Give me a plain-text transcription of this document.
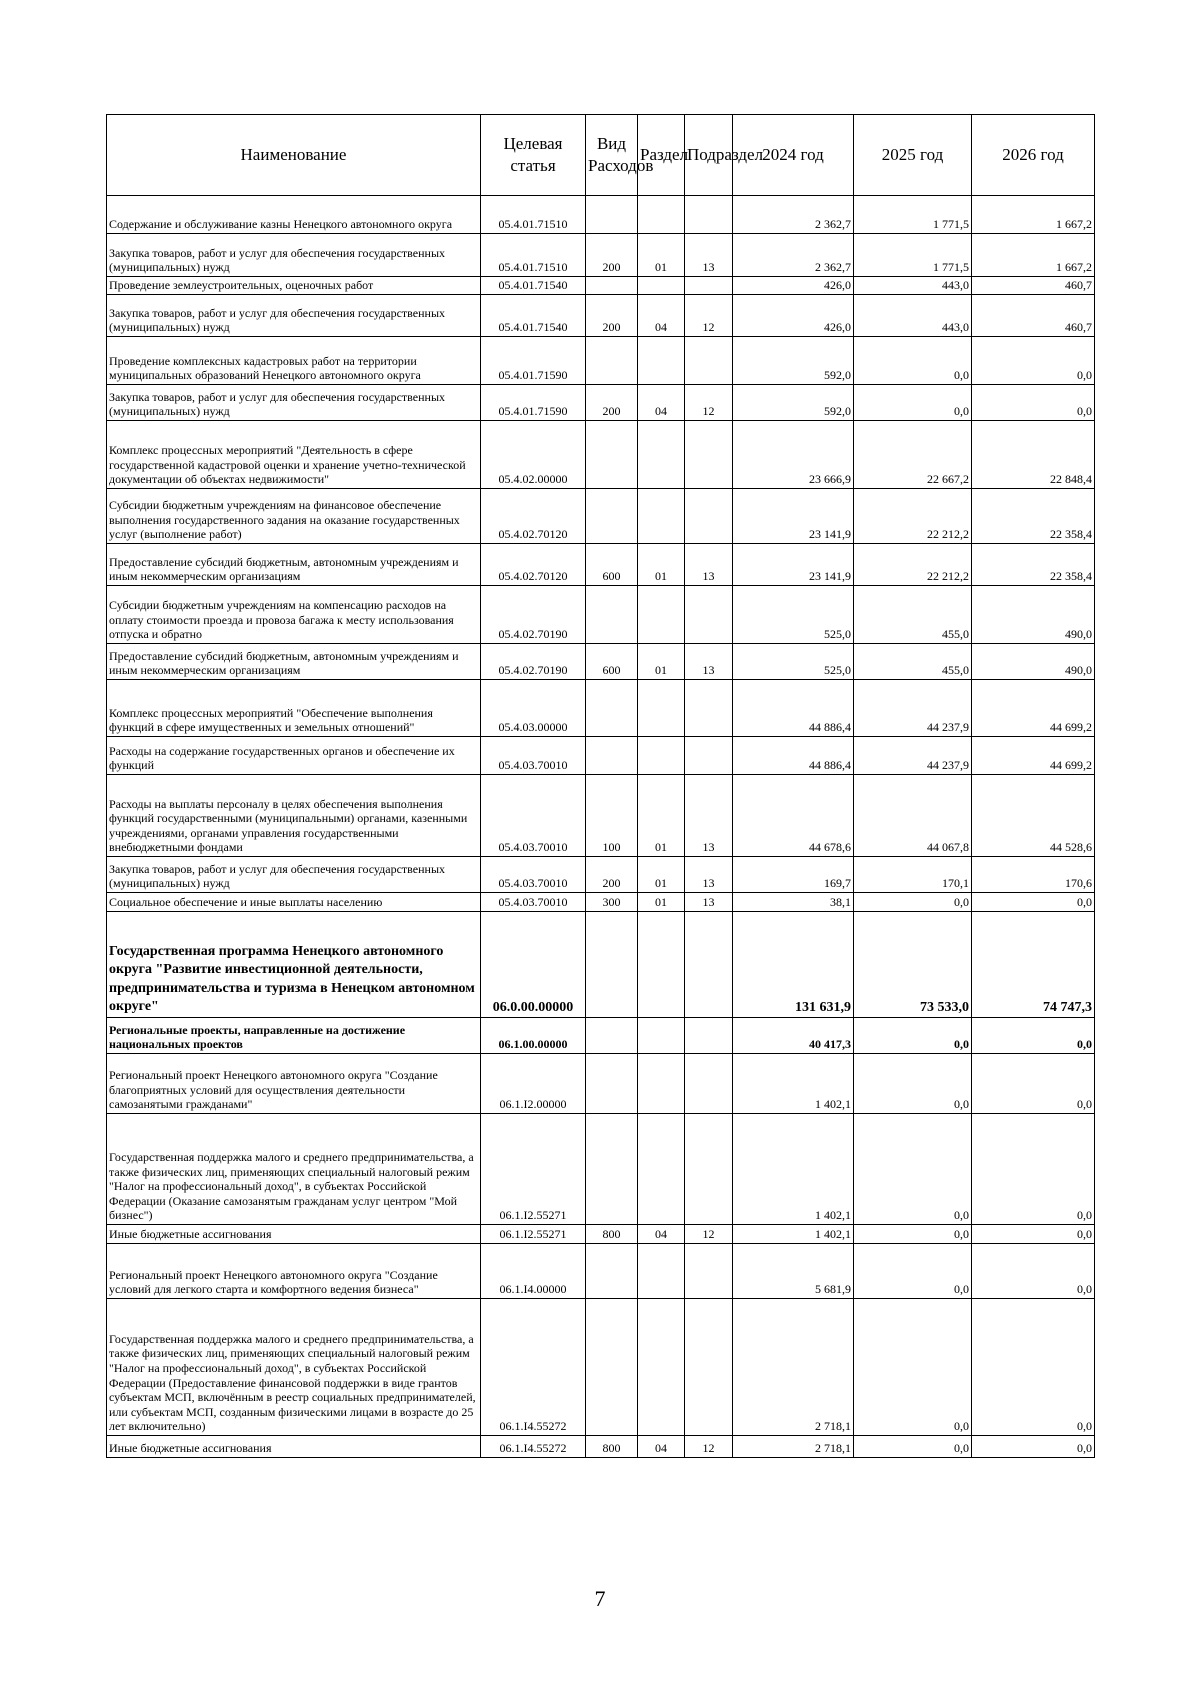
Наименование	Целевая статья	Вид Расходов	Раздел	Подраздел	2024 год	2025 год	2026 год
Содержание и обслуживание казны Ненецкого автономного округа	05.4.01.71510				2 362,7	1 771,5	1 667,2
Закупка товаров, работ и услуг для обеспечения государственных (муниципальных) нужд	05.4.01.71510	200	01	13	2 362,7	1 771,5	1 667,2
Проведение землеустроительных, оценочных работ	05.4.01.71540				426,0	443,0	460,7
Закупка товаров, работ и услуг для обеспечения государственных (муниципальных) нужд	05.4.01.71540	200	04	12	426,0	443,0	460,7
Проведение комплексных кадастровых работ на территории муниципальных образований Ненецкого автономного округа	05.4.01.71590				592,0	0,0	0,0
Закупка товаров, работ и услуг для обеспечения государственных (муниципальных) нужд	05.4.01.71590	200	04	12	592,0	0,0	0,0
Комплекс процессных мероприятий "Деятельность в сфере государственной кадастровой оценки и хранение учетно-технической документации об объектах недвижимости"	05.4.02.00000				23 666,9	22 667,2	22 848,4
Субсидии бюджетным учреждениям на финансовое обеспечение выполнения государственного задания на оказание государственных услуг (выполнение работ)	05.4.02.70120				23 141,9	22 212,2	22 358,4
Предоставление субсидий бюджетным, автономным учреждениям и иным некоммерческим организациям	05.4.02.70120	600	01	13	23 141,9	22 212,2	22 358,4
Субсидии бюджетным учреждениям на компенсацию расходов на оплату стоимости проезда и провоза багажа к месту использования отпуска и обратно	05.4.02.70190				525,0	455,0	490,0
Предоставление субсидий бюджетным, автономным учреждениям и иным некоммерческим организациям	05.4.02.70190	600	01	13	525,0	455,0	490,0
Комплекс процессных мероприятий "Обеспечение выполнения функций в сфере имущественных и земельных отношений"	05.4.03.00000				44 886,4	44 237,9	44 699,2
Расходы на содержание государственных органов и обеспечение их функций	05.4.03.70010				44 886,4	44 237,9	44 699,2
Расходы на выплаты персоналу в целях обеспечения выполнения функций государственными (муниципальными) органами, казенными учреждениями, органами управления государственными внебюджетными фондами	05.4.03.70010	100	01	13	44 678,6	44 067,8	44 528,6
Закупка товаров, работ и услуг для обеспечения государственных (муниципальных) нужд	05.4.03.70010	200	01	13	169,7	170,1	170,6
Социальное обеспечение и иные выплаты населению	05.4.03.70010	300	01	13	38,1	0,0	0,0
Государственная программа Ненецкого автономного округа "Развитие инвестиционной деятельности, предпринимательства и туризма в Ненецком автономном округе"	06.0.00.00000				131 631,9	73 533,0	74 747,3
Региональные проекты, направленные на достижение национальных проектов	06.1.00.00000				40 417,3	0,0	0,0
Региональный проект Ненецкого автономного округа "Создание благоприятных условий для осуществления деятельности самозанятыми гражданами"	06.1.I2.00000				1 402,1	0,0	0,0
Государственная поддержка малого и среднего предпринимательства, а также физических лиц, применяющих специальный налоговый режим "Налог на профессиональный доход", в субъектах Российской Федерации (Оказание самозанятым гражданам услуг центром "Мой бизнес")	06.1.I2.55271				1 402,1	0,0	0,0
Иные бюджетные ассигнования	06.1.I2.55271	800	04	12	1 402,1	0,0	0,0
Региональный проект Ненецкого автономного округа "Создание условий для легкого старта и комфортного ведения бизнеса"	06.1.I4.00000				5 681,9	0,0	0,0
Государственная поддержка малого и среднего предпринимательства, а также физических лиц, применяющих специальный налоговый режим "Налог на профессиональный доход", в субъектах Российской Федерации (Предоставление финансовой поддержки в виде грантов субъектам МСП, включённым в реестр социальных предпринимателей, или субъектам МСП, созданным физическими лицами в возрасте до 25 лет включительно)	06.1.I4.55272				2 718,1	0,0	0,0
Иные бюджетные ассигнования	06.1.I4.55272	800	04	12	2 718,1	0,0	0,0
7
